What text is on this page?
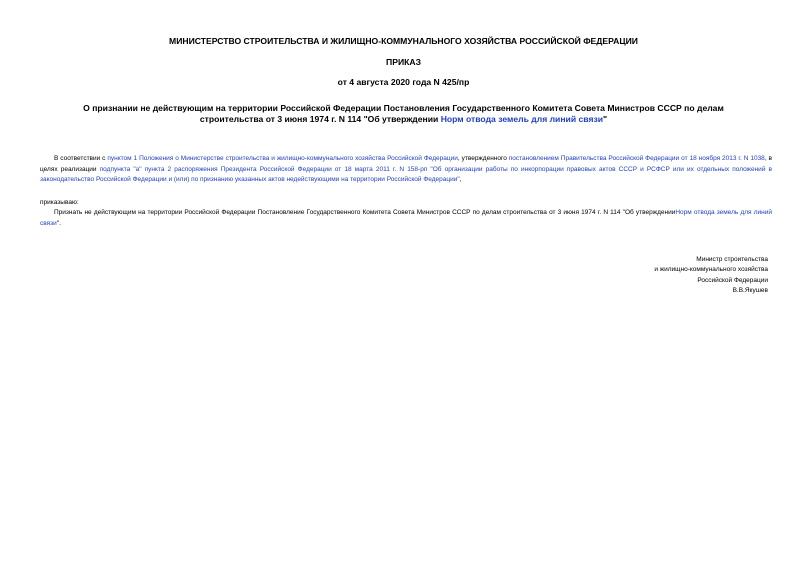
МИНИСТЕРСТВО СТРОИТЕЛЬСТВА И ЖИЛИЩНО-КОММУНАЛЬНОГО ХОЗЯЙСТВА РОССИЙСКОЙ ФЕДЕРАЦИИ
ПРИКАЗ
от 4 августа 2020 года N 425/пр
О признании не действующим на территории Российской Федерации Постановления Государственного Комитета Совета Министров СССР по делам
строительства от 3 июня 1974 г. N 114 "Об утверждении Норм отвода земель для линий связи"
В соответствии с пунктом 1 Положения о Министерстве строительства и жилищно-коммунального хозяйства Российской Федерации, утвержденного постановлением Правительства Российской Федерации от 18 ноября 2013 г. N 1038, в целях реализации подпункта "а" пункта 2 распоряжения Президента Российской Федерации от 18 марта 2011 г. N 158-рп "Об организации работы по инкорпорации правовых актов СССР и РСФСР или их отдельных положений в законодательство Российской Федерации и (или) по признанию указанных актов недействующими на территории Российской Федерации",
приказываю:
Признать не действующим на территории Российской Федерации Постановление Государственного Комитета Совета Министров СССР по делам строительства от 3 июня 1974 г. N 114 "Об утвержденииНорм отвода земель для линий связи".
Министр строительства
и жилищно-коммунального хозяйства
Российской Федерации
В.В.Якушев
